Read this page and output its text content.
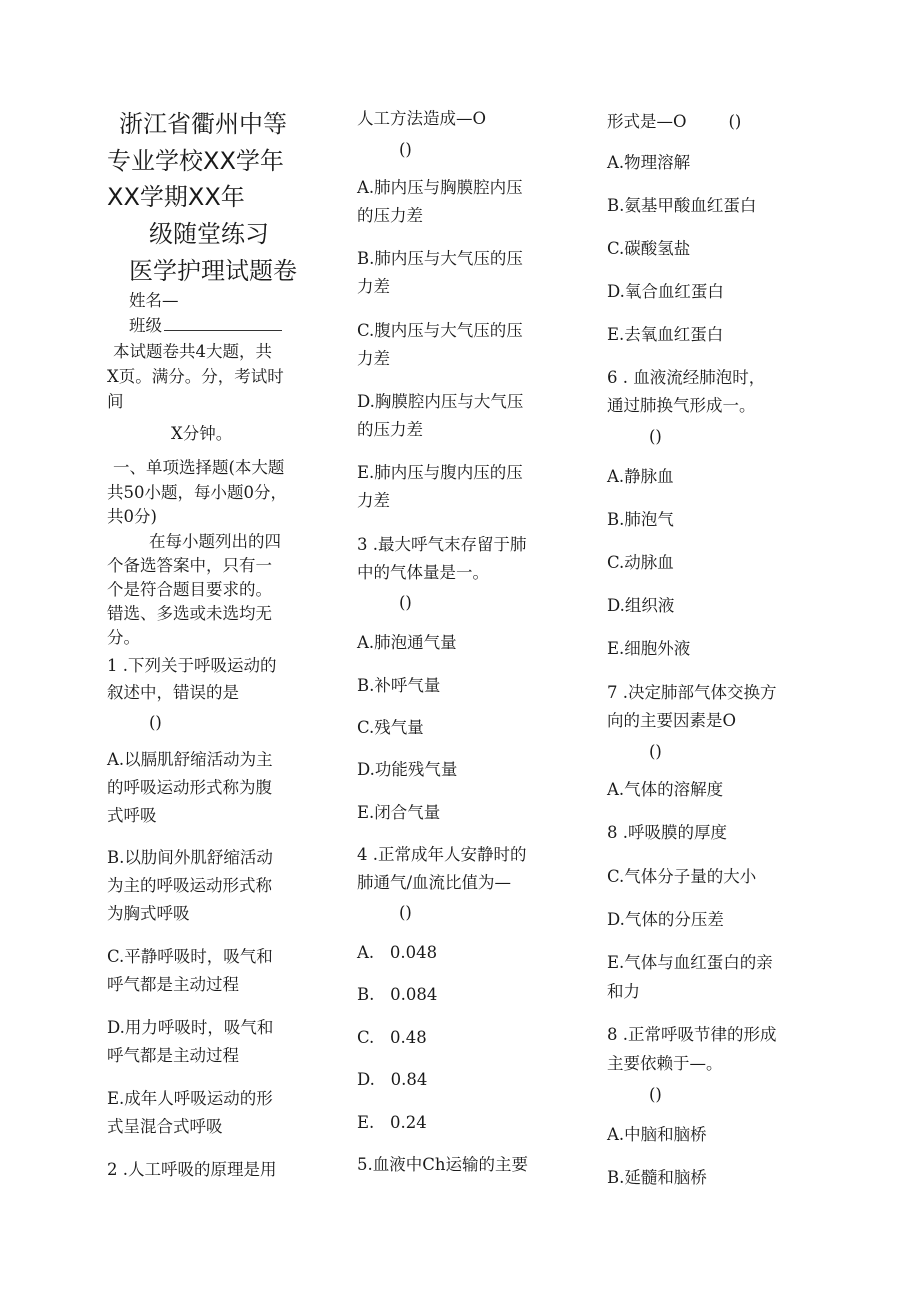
浙江省衢州中等
专业学校XX学年
XX学期XX年
级随堂练习
医学护理试题卷
姓名—
班级
本试题卷共4大题，共
X页。满分。分，考试时
间
X分钟。
一、单项选择题(本大题
共50小题，每小题0分，
共0分)
在每小题列出的四
个备选答案中，只有一
个是符合题目要求的。
错选、多选或未选均无
分。
1 .下列关于呼吸运动的
叙述中，错误的是
()
A.以膈肌舒缩活动为主
的呼吸运动形式称为腹
式呼吸
B.以肋间外肌舒缩活动
为主的呼吸运动形式称
为胸式呼吸
C.平静呼吸时，吸气和
呼气都是主动过程
D.用力呼吸时，吸气和
呼气都是主动过程
E.成年人呼吸运动的形
式呈混合式呼吸
2 .人工呼吸的原理是用
人工方法造成—O
()
A.肺内压与胸膜腔内压
的压力差
B.肺内压与大气压的压
力差
C.腹内压与大气压的压
力差
D.胸膜腔内压与大气压
的压力差
E.肺内压与腹内压的压
力差
3 .最大呼气末存留于肺
中的气体量是一。
()
A.肺泡通气量
B.补呼气量
C.残气量
D.功能残气量
E.闭合气量
4 .正常成年人安静时的
肺通气/血流比值为—
()
A.   0.048
B.   0.084
C.   0.48
D.   0.84
E.   0.24
5.血液中Ch运输的主要
形式是—O        ()
A.物理溶解
B.氨基甲酸血红蛋白
C.碳酸氢盐
D.氧合血红蛋白
E.去氧血红蛋白
6 . 血液流经肺泡时，
通过肺换气形成一。
()
A.静脉血
B.肺泡气
C.动脉血
D.组织液
E.细胞外液
7 .决定肺部气体交换方
向的主要因素是O
()
A.气体的溶解度
8 .呼吸膜的厚度
C.气体分子量的大小
D.气体的分压差
E.气体与血红蛋白的亲
和力
8 .正常呼吸节律的形成
主要依赖于—。
()
A.中脑和脑桥
B.延髓和脑桥
